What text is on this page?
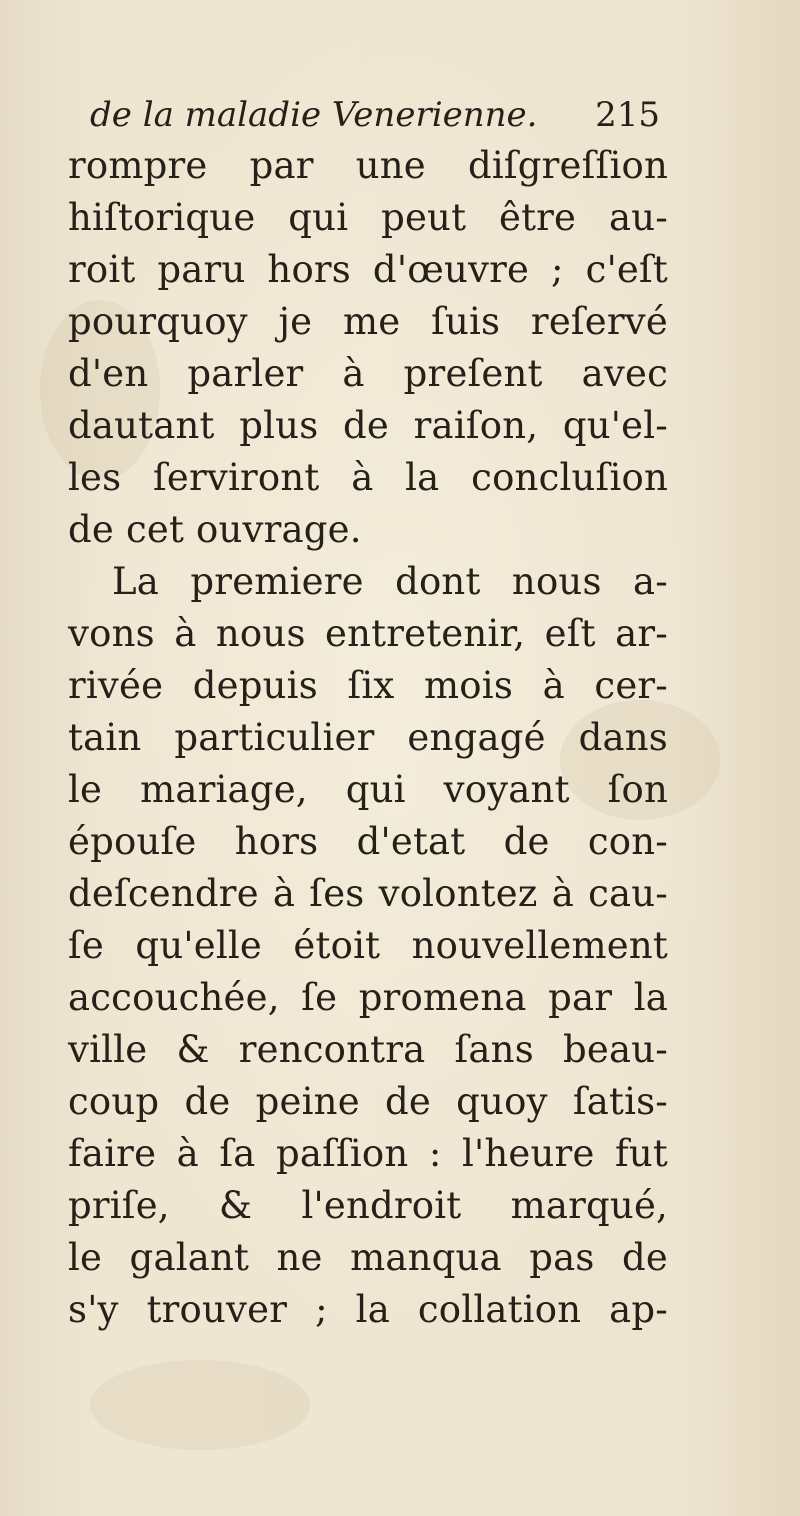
de la maladie Venerienne. 215
rompre par une diſgreſſion
hiſtorique qui peut être au-
roit paru hors d'œuvre ; c'eſt
pourquoy je me ſuis reſervé
d'en parler à preſent avec
dautant plus de raiſon, qu'el-
les ſerviront à la concluſion
de cet ouvrage.
La premiere dont nous a-
vons à nous entretenir, eſt ar-
rivée depuis ſix mois à cer-
tain particulier engagé dans
le mariage, qui voyant ſon
épouſe hors d'etat de con-
deſcendre à ſes volontez à cau-
ſe qu'elle étoit nouvellement
accouchée, ſe promena par la
ville & rencontra ſans beau-
coup de peine de quoy ſatis-
faire à ſa paſſion : l'heure fut
priſe, & l'endroit marqué,
le galant ne manqua pas de
s'y trouver ; la collation ap-
